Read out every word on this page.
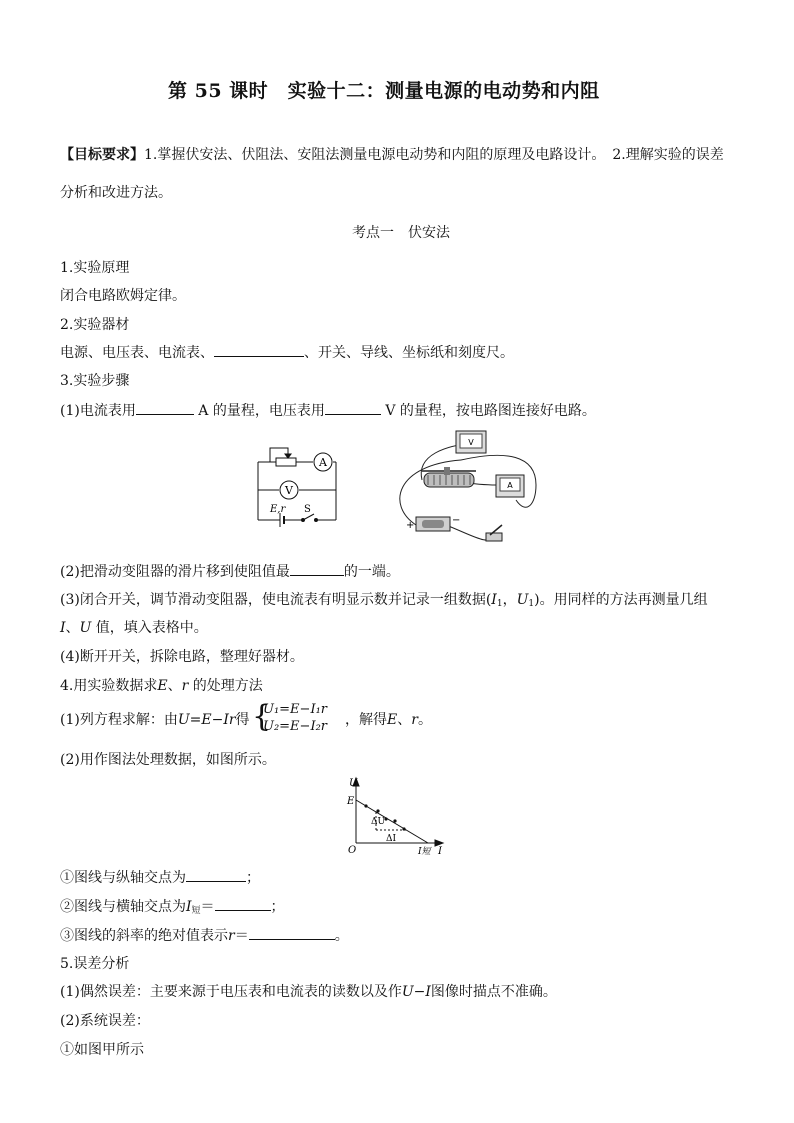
第 55 课时　实验十二：测量电源的电动势和内阻
【目标要求】1.掌握伏安法、伏阻法、安阻法测量电源电动势和内阻的原理及电路设计。　2.理解实验的误差
分析和改进方法。
考点一　伏安法
1.实验原理
闭合电路欧姆定律。
2.实验器材
电源、电压表、电流表、	、开关、导线、坐标纸和刻度尺。
3.实验步骤
(1)电流表用	A 的量程，电压表用	V 的量程，按电路图连接好电路。
A
V
E,r S
V
A
+	−
(2)把滑动变阻器的滑片移到使阻值最	的一端。
(3)闭合开关，调节滑动变阻器，使电流表有明显示数并记录一组数据($I_1$，$U_1$)。用同样的方法再测量几组
I、U 值，填入表格中。
(4)断开开关，拆除电路，整理好器材。
4.用实验数据求E、r 的处理方法
(1)列方程求解：由U=E−Ir得 {
U₁=E−I₁r
U₂=E−I₂r ，解得E、r。
(2)用作图法处理数据，如图所示。
U
E
O
ΔU
ΔI
I短 I
①图线与纵轴交点为	；
②图线与横轴交点为$I_短=$	；
③图线的斜率的绝对值表示r＝	。
5.误差分析
(1)偶然误差：主要来源于电压表和电流表的读数以及作U−I图像时描点不准确。
(2)系统误差：
①如图甲所示
